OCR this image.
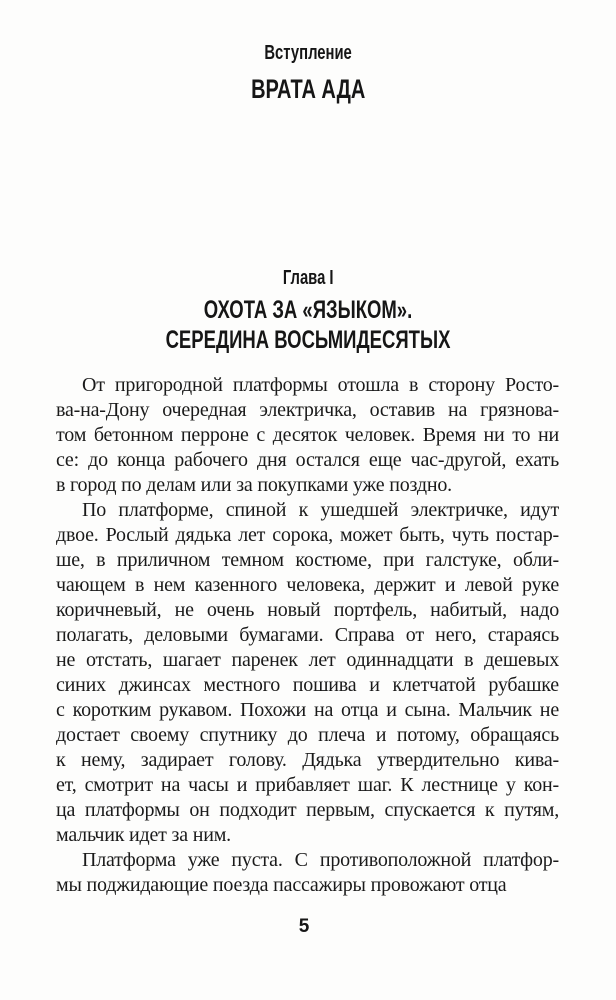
Вступление
ВРАТА АДА
Глава I
ОХОТА ЗА «ЯЗЫКОМ».
СЕРЕДИНА ВОСЬМИДЕСЯТЫХ
От пригородной платформы отошла в сторону Росто-
ва-на-Дону очередная электричка, оставив на грязнова-
том бетонном перроне с десяток человек. Время ни то ни
се: до конца рабочего дня остался еще час-другой, ехать
в город по делам или за покупками уже поздно.
По платформе, спиной к ушедшей электричке, идут
двое. Рослый дядька лет сорока, может быть, чуть постар-
ше, в приличном темном костюме, при галстуке, обли-
чающем в нем казенного человека, держит и левой руке
коричневый, не очень новый портфель, набитый, надо
полагать, деловыми бумагами. Справа от него, стараясь
не отстать, шагает паренек лет одиннадцати в дешевых
синих джинсах местного пошива и клетчатой рубашке
с коротким рукавом. Похожи на отца и сына. Мальчик не
достает своему спутнику до плеча и потому, обращаясь
к нему, задирает голову. Дядька утвердительно кива-
ет, смотрит на часы и прибавляет шаг. К лестнице у кон-
ца платформы он подходит первым, спускается к путям,
мальчик идет за ним.
Платформа уже пуста. С противоположной платфор-
мы поджидающие поезда пассажиры провожают отца
5
